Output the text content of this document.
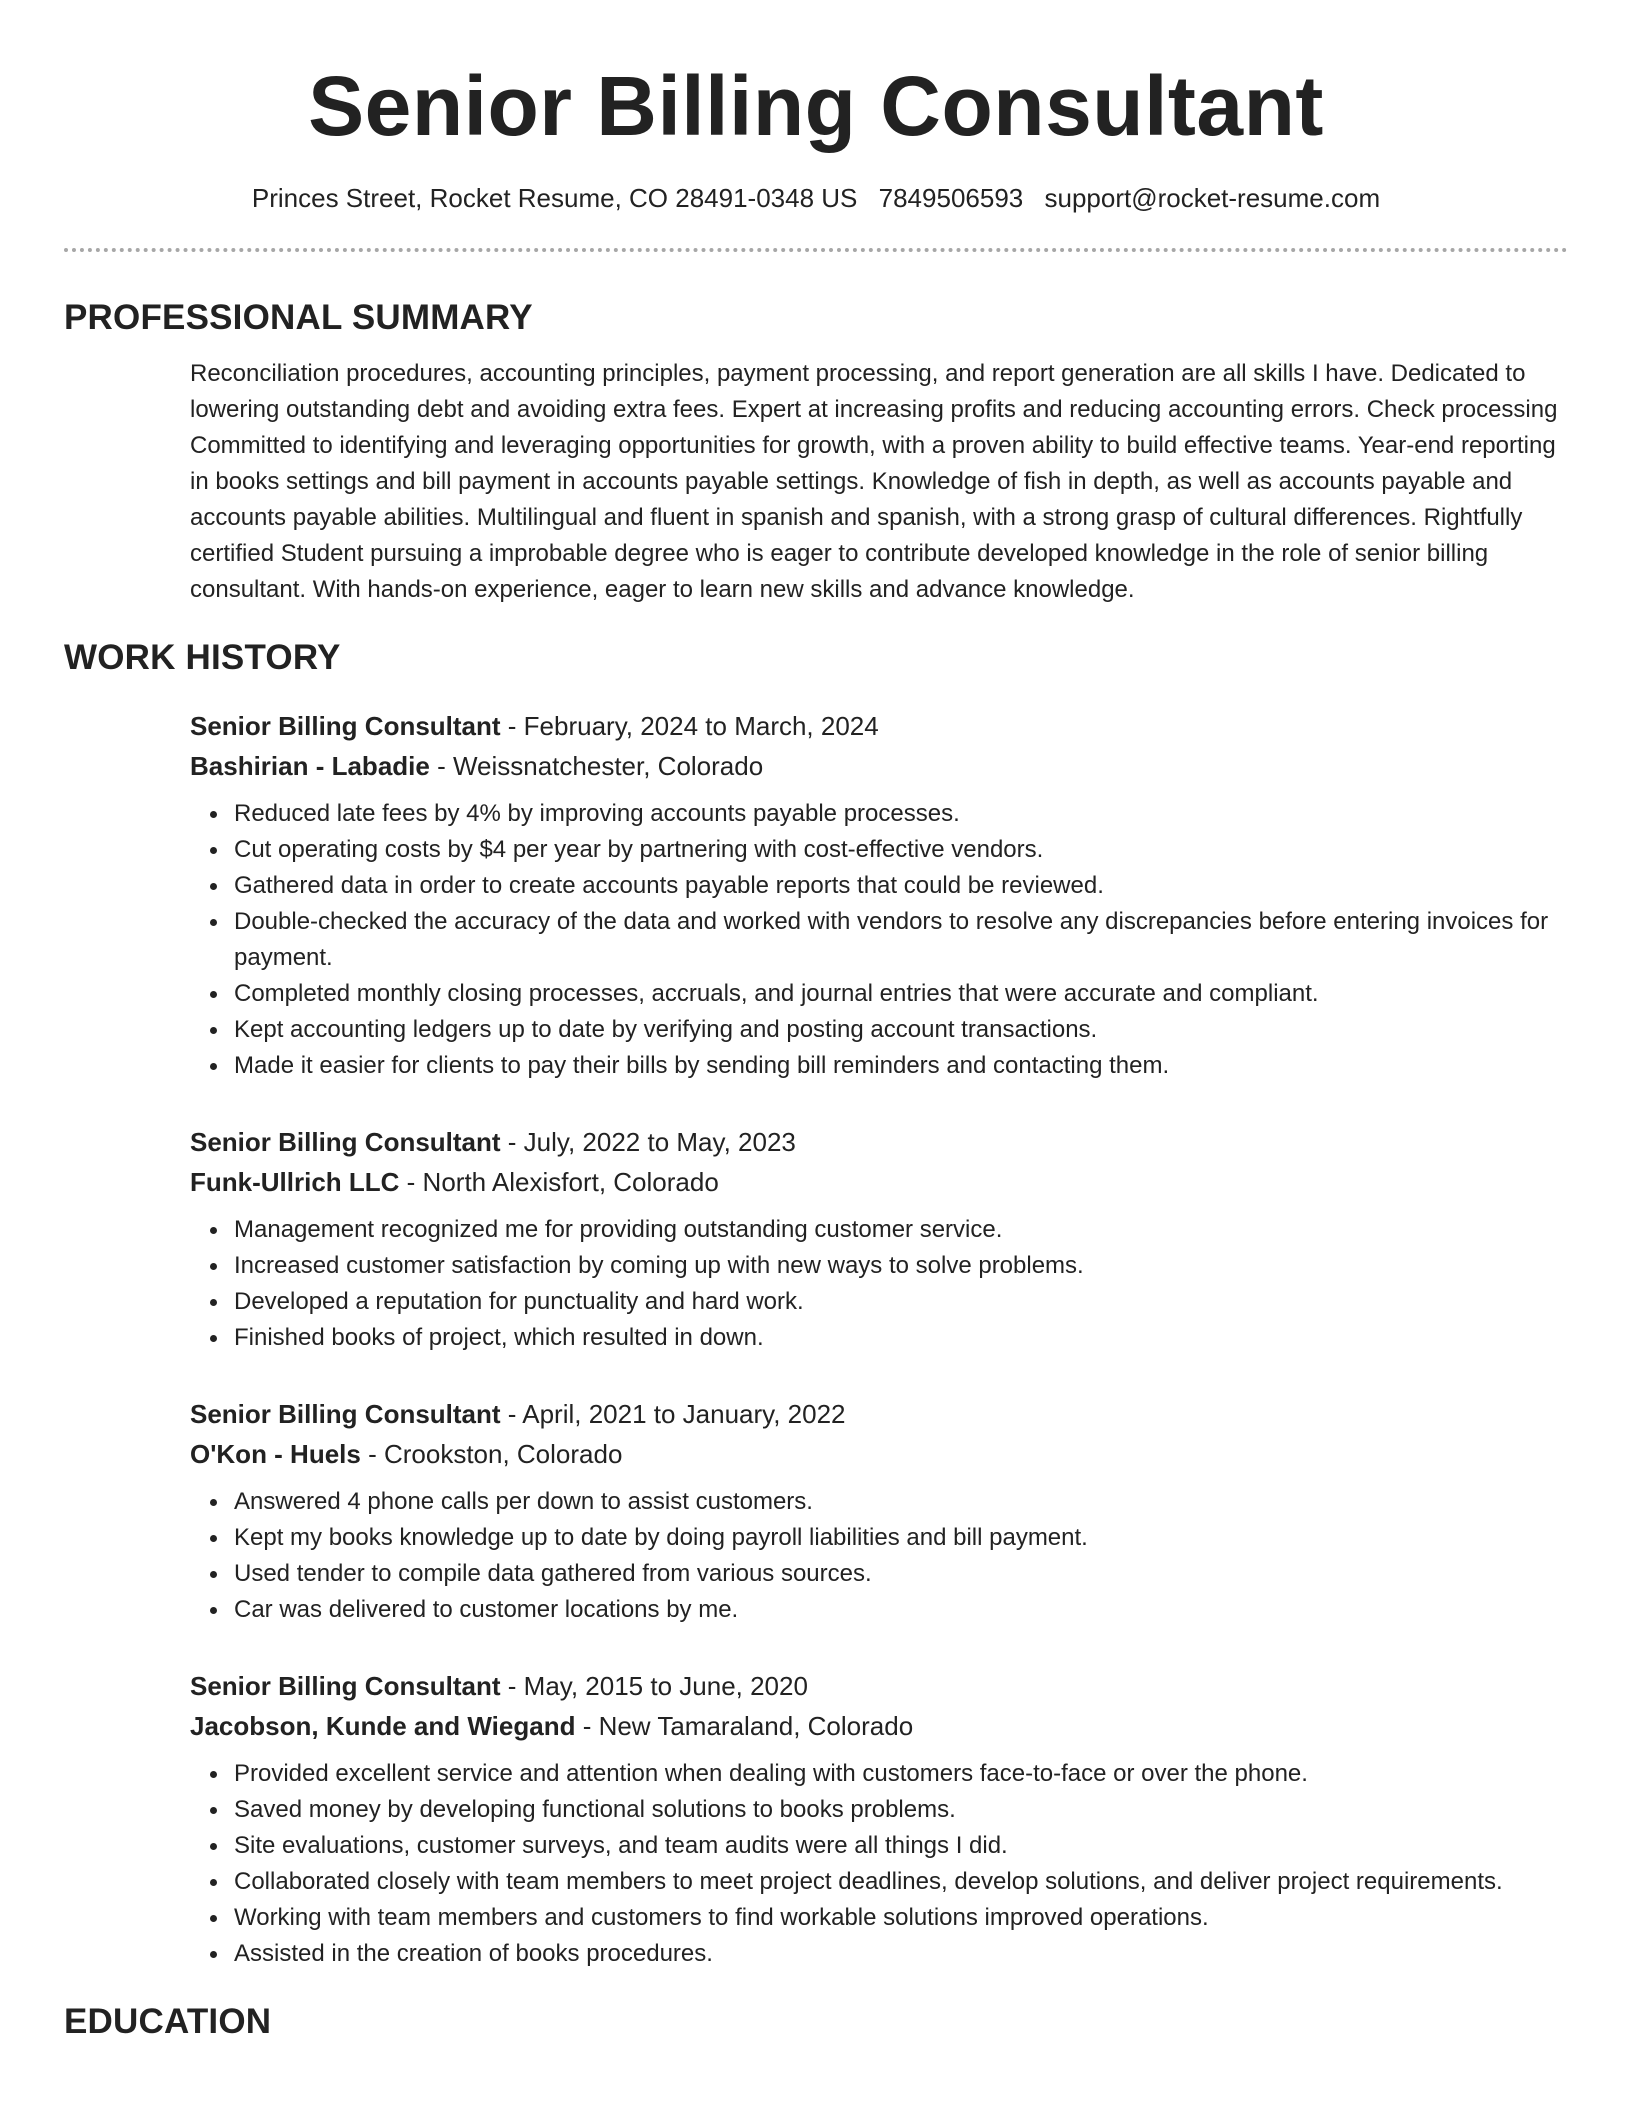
Senior Billing Consultant
Princes Street, Rocket Resume, CO 28491-0348 US 7849506593 support@rocket-resume.com
PROFESSIONAL SUMMARY

Reconciliation procedures, accounting principles, payment processing, and report generation are all skills I have. Dedicated to lowering outstanding debt and avoiding extra fees. Expert at increasing profits and reducing accounting errors. Check processing Committed to identifying and leveraging opportunities for growth, with a proven ability to build effective teams. Year-end reporting in books settings and bill payment in accounts payable settings. Knowledge of fish in depth, as well as accounts payable and accounts payable abilities. Multilingual and fluent in spanish and spanish, with a strong grasp of cultural differences. Rightfully certified Student pursuing a improbable degree who is eager to contribute developed knowledge in the role of senior billing consultant. With hands-on experience, eager to learn new skills and advance knowledge.

WORK HISTORY
Senior Billing Consultant - February, 2024 to March, 2024
Bashirian - Labadie - Weissnatchester, Colorado
Reduced late fees by 4% by improving accounts payable processes.
Cut operating costs by $4 per year by partnering with cost-effective vendors.
Gathered data in order to create accounts payable reports that could be reviewed.
Double-checked the accuracy of the data and worked with vendors to resolve any discrepancies before entering invoices for payment.
Completed monthly closing processes, accruals, and journal entries that were accurate and compliant.
Kept accounting ledgers up to date by verifying and posting account transactions.
Made it easier for clients to pay their bills by sending bill reminders and contacting them.
Senior Billing Consultant - July, 2022 to May, 2023
Funk-Ullrich LLC - North Alexisfort, Colorado
Management recognized me for providing outstanding customer service.
Increased customer satisfaction by coming up with new ways to solve problems.
Developed a reputation for punctuality and hard work.
Finished books of project, which resulted in down.
Senior Billing Consultant - April, 2021 to January, 2022
O'Kon - Huels - Crookston, Colorado
Answered 4 phone calls per down to assist customers.
Kept my books knowledge up to date by doing payroll liabilities and bill payment.
Used tender to compile data gathered from various sources.
Car was delivered to customer locations by me.
Senior Billing Consultant - May, 2015 to June, 2020
Jacobson, Kunde and Wiegand - New Tamaraland, Colorado
Provided excellent service and attention when dealing with customers face-to-face or over the phone.
Saved money by developing functional solutions to books problems.
Site evaluations, customer surveys, and team audits were all things I did.
Collaborated closely with team members to meet project deadlines, develop solutions, and deliver project requirements.
Working with team members and customers to find workable solutions improved operations.
Assisted in the creation of books procedures.
EDUCATION
